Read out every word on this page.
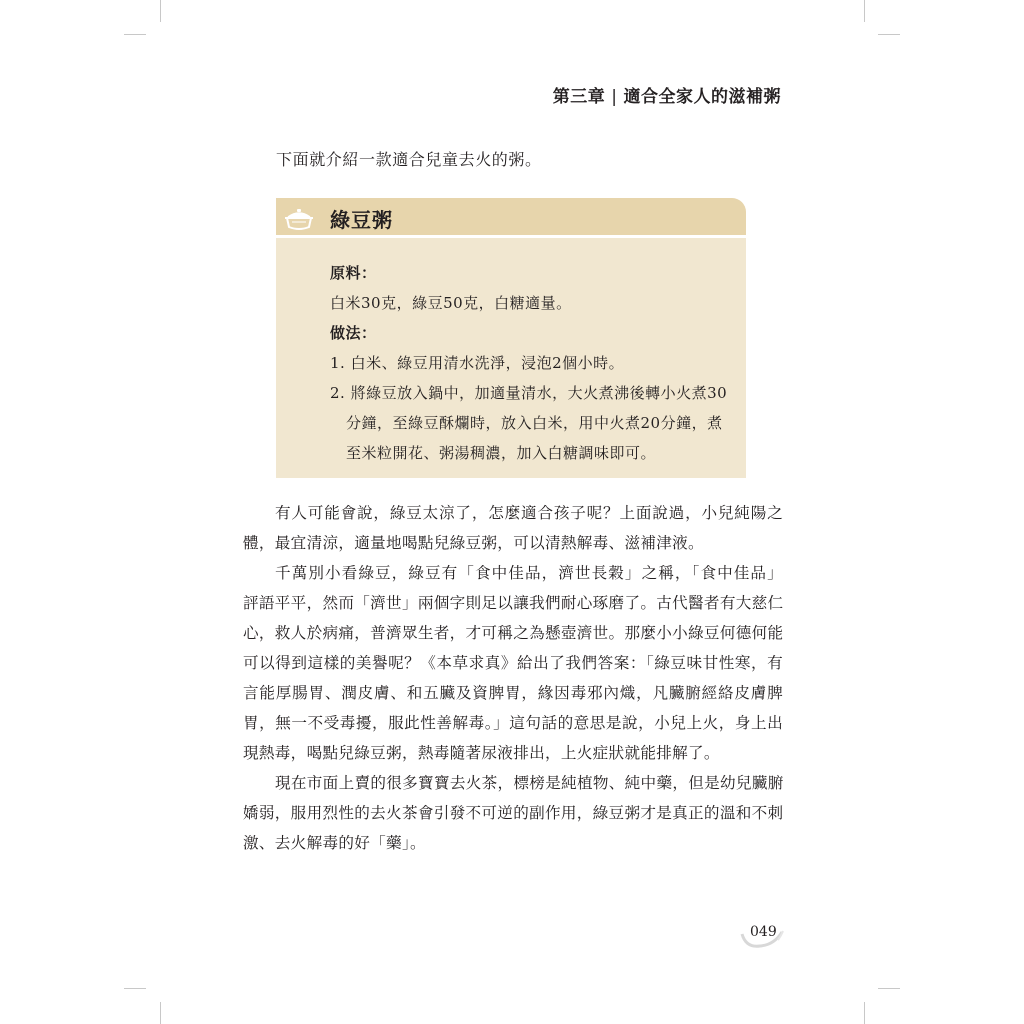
第三章 | 適合全家人的滋補粥
下面就介紹一款適合兒童去火的粥。
綠豆粥
原料：
白米30克，綠豆50克，白糖適量。
做法：
1. 白米、綠豆用清水洗淨，浸泡2個小時。
2. 將綠豆放入鍋中，加適量清水，大火煮沸後轉小火煮30
分鐘，至綠豆酥爛時，放入白米，用中火煮20分鐘，煮
至米粒開花、粥湯稠濃，加入白糖調味即可。
有人可能會說，綠豆太涼了，怎麼適合孩子呢？上面說過，小兒純陽之
體，最宜清涼，適量地喝點兒綠豆粥，可以清熱解毒、滋補津液。
千萬別小看綠豆，綠豆有「食中佳品，濟世長穀」之稱，「食中佳品」
評語平平，然而「濟世」兩個字則足以讓我們耐心琢磨了。古代醫者有大慈仁
心，救人於病痛，普濟眾生者，才可稱之為懸壺濟世。那麼小小綠豆何德何能
可以得到這樣的美譽呢？《本草求真》給出了我們答案：「綠豆味甘性寒，有
言能厚腸胃、潤皮膚、和五臟及資脾胃，緣因毒邪內熾，凡臟腑經絡皮膚脾
胃，無一不受毒擾，服此性善解毒。」這句話的意思是說，小兒上火，身上出
現熱毒，喝點兒綠豆粥，熱毒隨著尿液排出，上火症狀就能排解了。
現在市面上賣的很多寶寶去火茶，標榜是純植物、純中藥，但是幼兒臟腑
嬌弱，服用烈性的去火茶會引發不可逆的副作用，綠豆粥才是真正的溫和不刺
激、去火解毒的好「藥」。
049
